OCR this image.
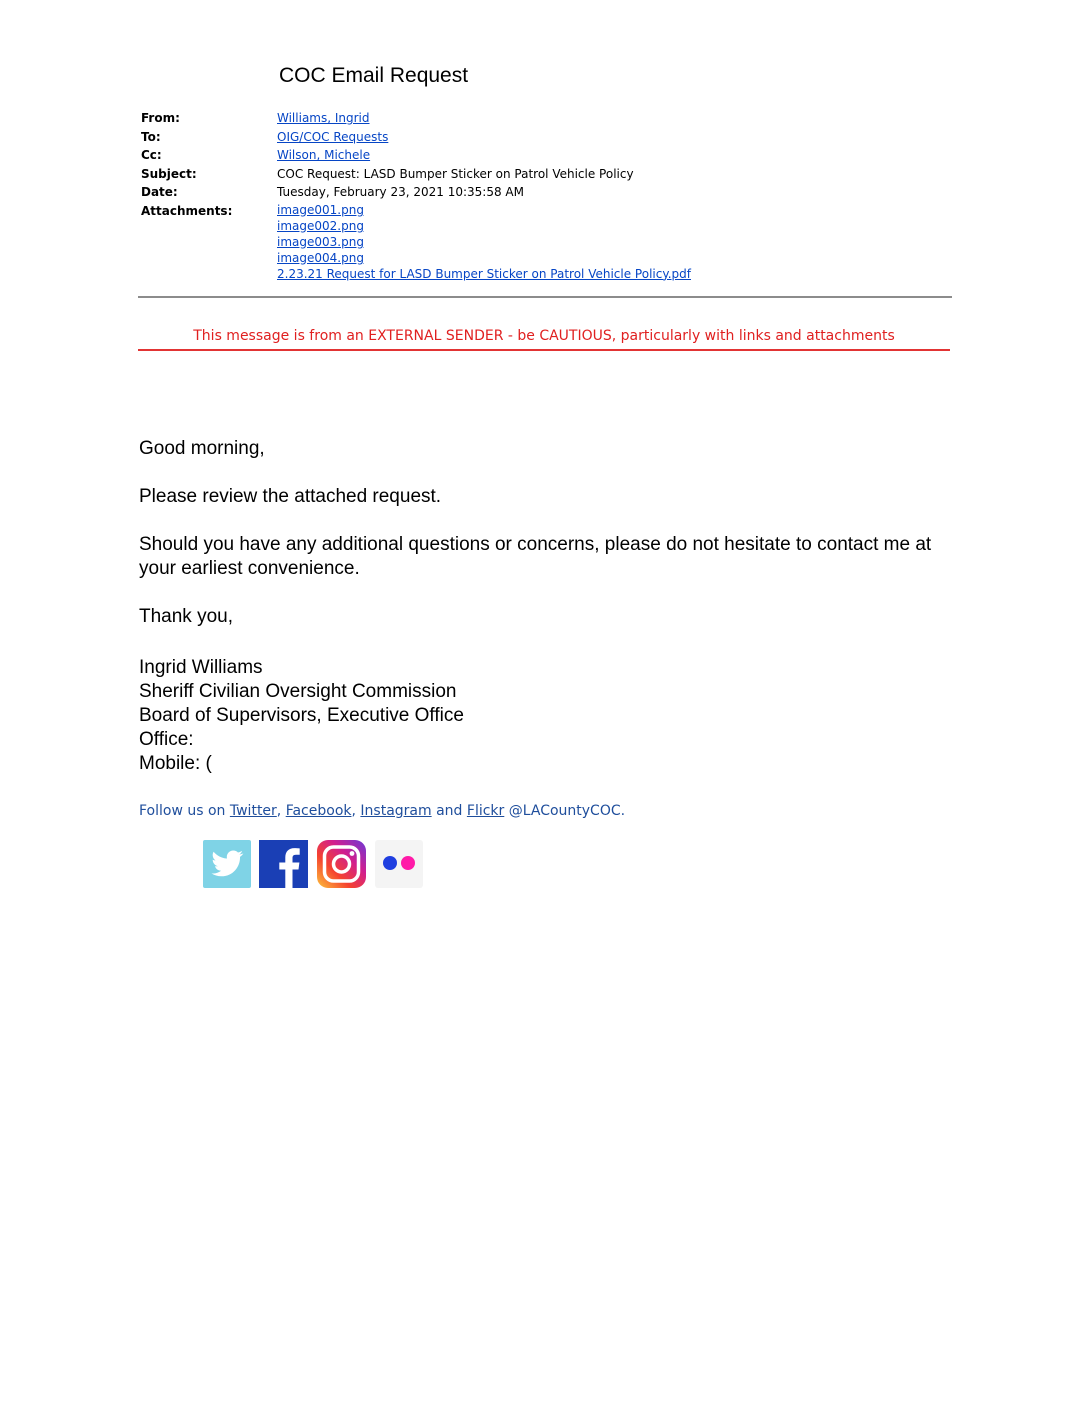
COC Email Request
From:	Williams, Ingrid
To:	OIG/COC Requests
Cc:	Wilson, Michele
Subject:	COC Request: LASD Bumper Sticker on Patrol Vehicle Policy
Date:	Tuesday, February 23, 2021 10:35:58 AM
Attachments:	image001.png
image002.png
image003.png
image004.png
2.23.21 Request for LASD Bumper Sticker on Patrol Vehicle Policy.pdf
This message is from an EXTERNAL SENDER - be CAUTIOUS, particularly with links and attachments

Good morning,

Please review the attached request.

Should you have any additional questions or concerns, please do not hesitate to contact me at your earliest convenience.

Thank you,

Ingrid Williams

Sheriff Civilian Oversight Commission

Board of Supervisors, Executive Office

Office:

Mobile: (

Follow us on Twitter, Facebook, Instagram and Flickr @LACountyCOC.
